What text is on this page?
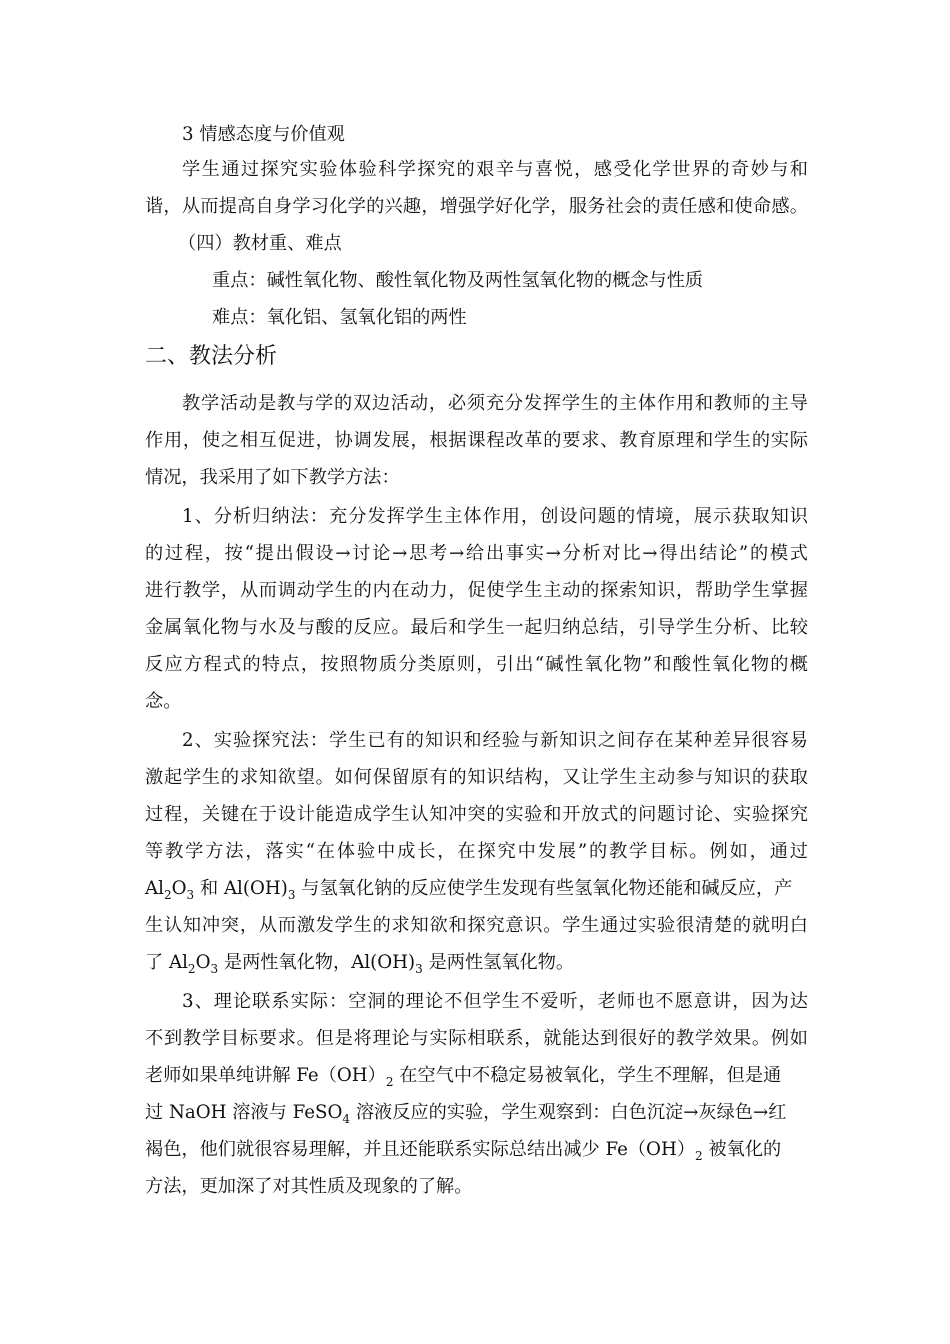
3 情感态度与价值观
学生通过探究实验体验科学探究的艰辛与喜悦，感受化学世界的奇妙与和
谐，从而提高自身学习化学的兴趣，增强学好化学，服务社会的责任感和使命感。
（四）教材重、难点
重点：碱性氧化物、酸性氧化物及两性氢氧化物的概念与性质
难点：氧化铝、氢氧化铝的两性
二、教法分析
教学活动是教与学的双边活动，必须充分发挥学生的主体作用和教师的主导
作用，使之相互促进，协调发展，根据课程改革的要求、教育原理和学生的实际
情况，我采用了如下教学方法：
1、分析归纳法：充分发挥学生主体作用，创设问题的情境，展示获取知识
的过程，按“提出假设→讨论→思考→给出事实→分析对比→得出结论”的模式
进行教学，从而调动学生的内在动力，促使学生主动的探索知识，帮助学生掌握
金属氧化物与水及与酸的反应。最后和学生一起归纳总结，引导学生分析、比较
反应方程式的特点，按照物质分类原则，引出“碱性氧化物”和酸性氧化物的概
念。
2、实验探究法：学生已有的知识和经验与新知识之间存在某种差异很容易
激起学生的求知欲望。如何保留原有的知识结构，又让学生主动参与知识的获取
过程，关键在于设计能造成学生认知冲突的实验和开放式的问题讨论、实验探究
等教学方法，落实“在体验中成长，在探究中发展”的教学目标。例如，通过
$Al_2O_3$ 和 $Al(OH)_3$ 与氢氧化钠的反应使学生发现有些氢氧化物还能和碱反应，产
生认知冲突，从而激发学生的求知欲和探究意识。学生通过实验很清楚的就明白
了 $Al_2O_3$ 是两性氧化物，$Al(OH)_3$ 是两性氢氧化物。
3、理论联系实际：空洞的理论不但学生不爱听，老师也不愿意讲，因为达
不到教学目标要求。但是将理论与实际相联系，就能达到很好的教学效果。例如
老师如果单纯讲解 $Fe(OH)_2$ 在空气中不稳定易被氧化，学生不理解，但是通
过 NaOH 溶液与 FeSO$_4$ 溶液反应的实验，学生观察到：白色沉淀→灰绿色→红
褐色，他们就很容易理解，并且还能联系实际总结出减少 $Fe(OH)_2$ 被氧化的
方法，更加深了对其性质及现象的了解。
